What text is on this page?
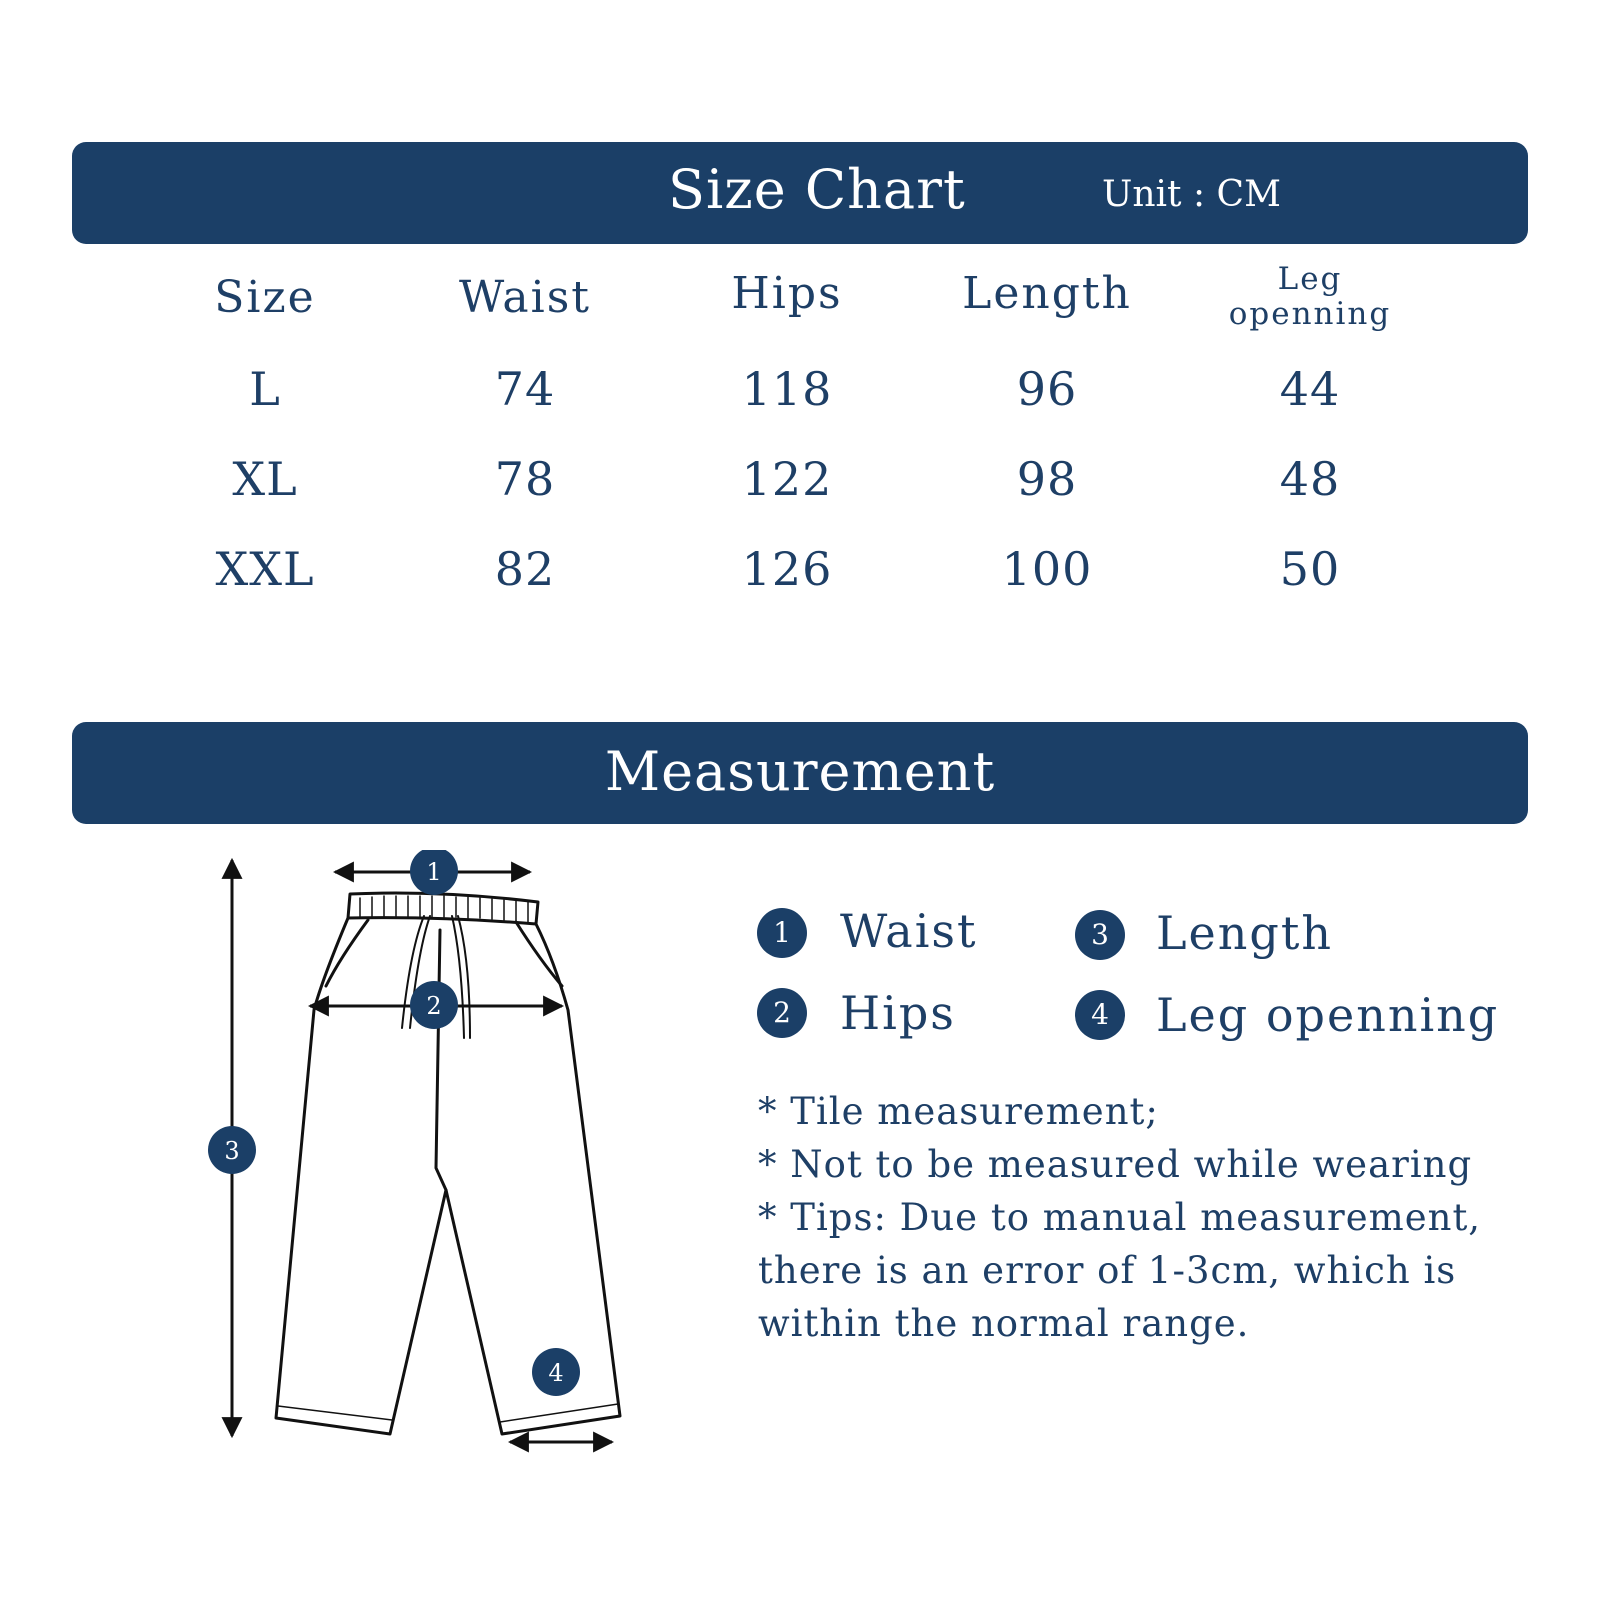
Size Chart	Unit : CM
Size	Waist	Hips	Length	Leg
openning
L	74	118	96	44
XL	78	122	98	48
XXL	82	126	100	50
Measurement
1
2
3
4
1	Waist	3	Length
2	Hips	4	Leg openning
* Tile measurement;
* Not to be measured while wearing
* Tips: Due to manual measurement,
there is an error of 1-3cm, which is
within the normal range.
